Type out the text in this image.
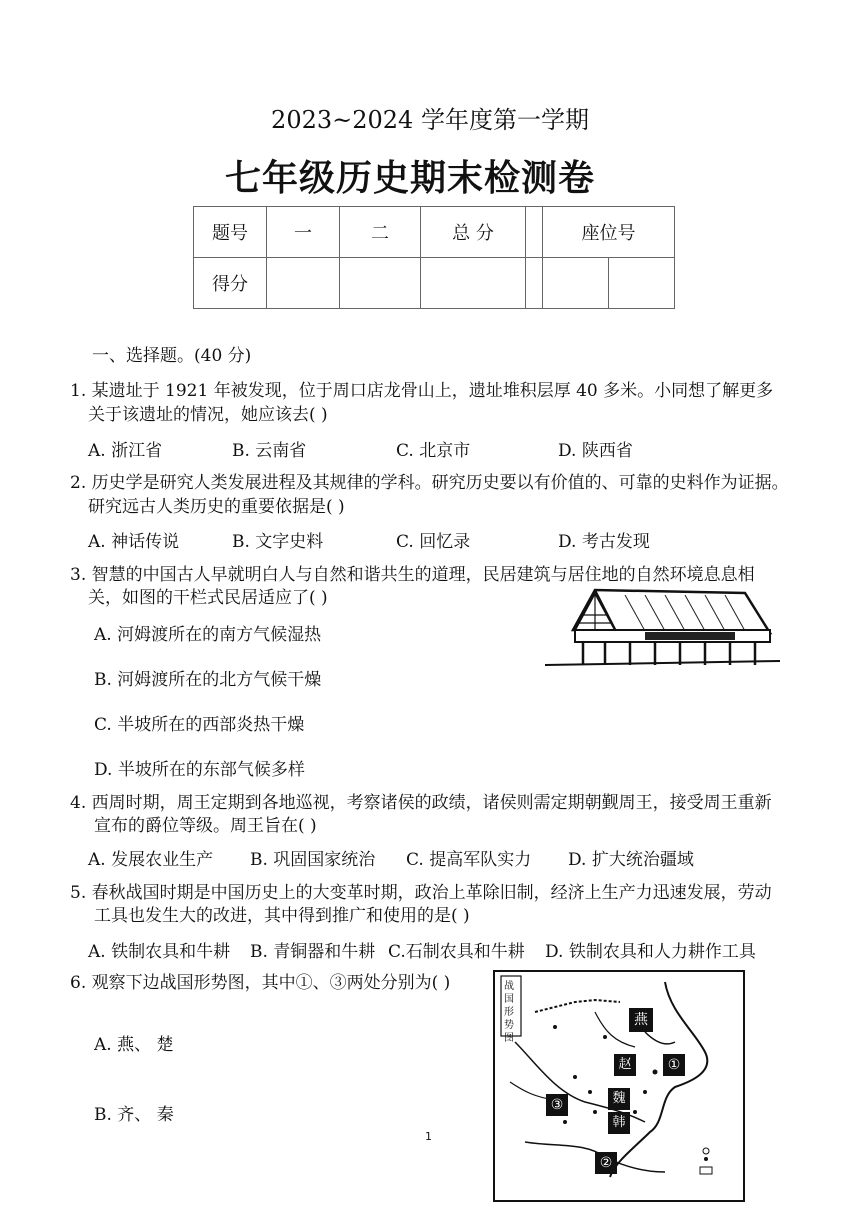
2023~2024 学年度第一学期
七年级历史期末检测卷
题号	一	二	总 分		座位号	
得分						
一、选择题。(40 分)
1. 某遗址于 1921 年被发现，位于周口店龙骨山上，遗址堆积层厚 40 多米。小同想了解更多
关于该遗址的情况，她应该去( )
A. 浙江省	B. 云南省	C. 北京市	D. 陕西省
2. 历史学是研究人类发展进程及其规律的学科。研究历史要以有价值的、可靠的史料作为证据。
研究远古人类历史的重要依据是( )
A. 神话传说	B. 文字史料	C. 回忆录	D. 考古发现
3. 智慧的中国古人早就明白人与自然和谐共生的道理，民居建筑与居住地的自然环境息息相
关，如图的干栏式民居适应了( )
A. 河姆渡所在的南方气候湿热
B. 河姆渡所在的北方气候干燥
C. 半坡所在的西部炎热干燥
D. 半坡所在的东部气候多样
4. 西周时期，周王定期到各地巡视，考察诸侯的政绩，诸侯则需定期朝觐周王，接受周王重新
宣布的爵位等级。周王旨在( )
A. 发展农业生产 B. 巩固国家统治 C. 提高军队实力 D. 扩大统治疆域
5. 春秋战国时期是中国历史上的大变革时期，政治上革除旧制，经济上生产力迅速发展，劳动
工具也发生大的改进，其中得到推广和使用的是( )
A. 铁制农具和牛耕 B. 青铜器和牛耕 C.石制农具和牛耕 D. 铁制农具和人力耕作工具
6. 观察下边战国形势图，其中①、③两处分别为( )
A. 燕、 楚
B. 齐、 秦
战国形势图
燕
赵
魏
韩
①
②
③
1
